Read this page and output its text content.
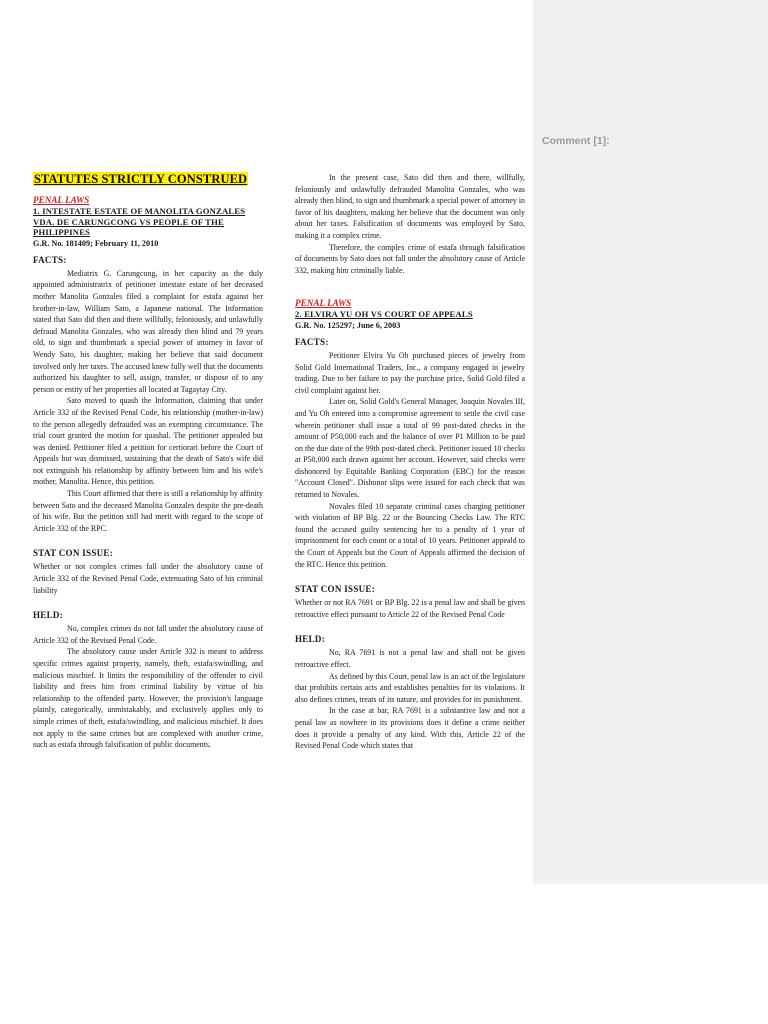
Comment [1]:
STATUTES STRICTLY CONSTRUED
PENAL LAWS
1. INTESTATE ESTATE OF MANOLITA GONZALES VDA. DE CARUNGCONG VS PEOPLE OF THE PHILIPPINES
G.R. No. 181409; February 11, 2010
FACTS:

Mediatrix G. Carungcong, in her capacity as the duly appointed administratrix of petitioner intestate estate of her deceased mother Manolita Gonzales filed a complaint for estafa against her brother-in-law, William Sato, a Japanese national. The Information stated that Sato did then and there willfully, feloniously, and unlawfully defraud Manolita Gonzales, who was already then blind and 79 years old, to sign and thumbmark a special power of attorney in favor of Wendy Sato, his daughter, making her believe that said document involved only her taxes. The accused knew fully well that the documents authorized his daughter to sell, assign, transfer, or dispose of to any person or entity of her properties all located at Tagaytay City.

Sato moved to quash the Information, claiming that under Article 332 of the Revised Penal Code, his relationship (mother-in-law) to the person allegedly defrauded was an exempting circumstance. The trial court granted the motion for quashal. The petitioner appealed but was denied. Petitioner filed a petition for certiorari before the Court of Appeals but was dismissed, sustaining that the death of Sato's wife did not extinguish his relationship by affinity between him and his wife's mother, Manolita. Hence, this petition.

This Court affirmed that there is still a relationship by affinity between Sato and the deceased Manolita Gonzales despite the pre-death of his wife. But the petition still had merit with regard to the scope of Article 332 of the RPC.

STAT CON ISSUE:

Whether or not complex crimes fall under the absolutory cause of Article 332 of the Revised Penal Code, extenuating Sato of his criminal liability

HELD:

No, complex crimes do not fall under the absolutory cause of Article 332 of the Revised Penal Code.

The absolutory cause under Article 332 is meant to address specific crimes against property, namely, theft, estafa/swindling, and malicious mischief. It limits the responsibility of the offender to civil liability and frees him from criminal liability by virtue of his relationship to the offended party. However, the provision's language plainly, categorically, unmistakably, and exclusively applies only to simple crimes of theft, estafa/swindling, and malicious mischief. It does not apply to the same crimes but are complexed with another crime, such as estafa through falsification of public documents.

In the present case, Sato did then and there, willfully, feloniously and unlawfully defrauded Manolita Gonzales, who was already then blind, to sign and thumbmark a special power of attorney in favor of his daughters, making her believe that the document was only about her taxes. Falsification of documents was employed by Sato, making it a complex crime.

Therefore, the complex crime of estafa through falsification of documents by Sato does not fall under the absolutory cause of Article 332, making him criminally liable.

PENAL LAWS
2. ELVIRA YU OH VS COURT OF APPEALS
G.R. No. 125297; June 6, 2003
FACTS:

Petitioner Elvira Yu Oh purchased pieces of jewelry from Solid Gold International Traders, Inc., a company engaged in jewelry trading. Due to her failure to pay the purchase price, Solid Gold filed a civil complaint against her.

Later on, Solid Gold's General Manager, Joaquin Novales III, and Yu Oh entered into a compromise agreement to settle the civil case wherein petitioner shall issue a total of 99 post-dated checks in the amount of P50,000 each and the balance of over P1 Million to be paid on the due date of the 99th post-dated check. Petitioner issued 10 checks at P50,000 each drawn against her account. However, said checks were dishonored by Equitable Banking Corporation (EBC) for the reason "Account Closed". Dishonor slips were issued for each check that was returned to Novales.

Novales filed 10 separate criminal cases charging petitioner with violation of BP Blg. 22 or the Bouncing Checks Law. The RTC found the accused guilty sentencing her to a penalty of 1 year of imprisonment for each count or a total of 10 years. Petitioner appeald to the Court of Appeals but the Court of Appeals affirmed the decision of the RTC. Hence this petition.

STAT CON ISSUE:

Whether or not RA 7691 or BP Blg. 22 is a penal law and shall be given retroactive effect pursuant to Article 22 of the Revised Penal Code

HELD:

No, RA 7691 is not a penal law and shall not be given retroactive effect.

As defined by this Court, penal law is an act of the legislature that prohibits certain acts and establishes penalties for its violations. It also defines crimes, treats of its nature, and provides for its punishment.

In the case at bar, RA 7691 is a substantive law and not a penal law as nowhere in its provisions does it define a crime neither does it provide a penalty of any kind. With this, Article 22 of the Revised Penal Code which states that
